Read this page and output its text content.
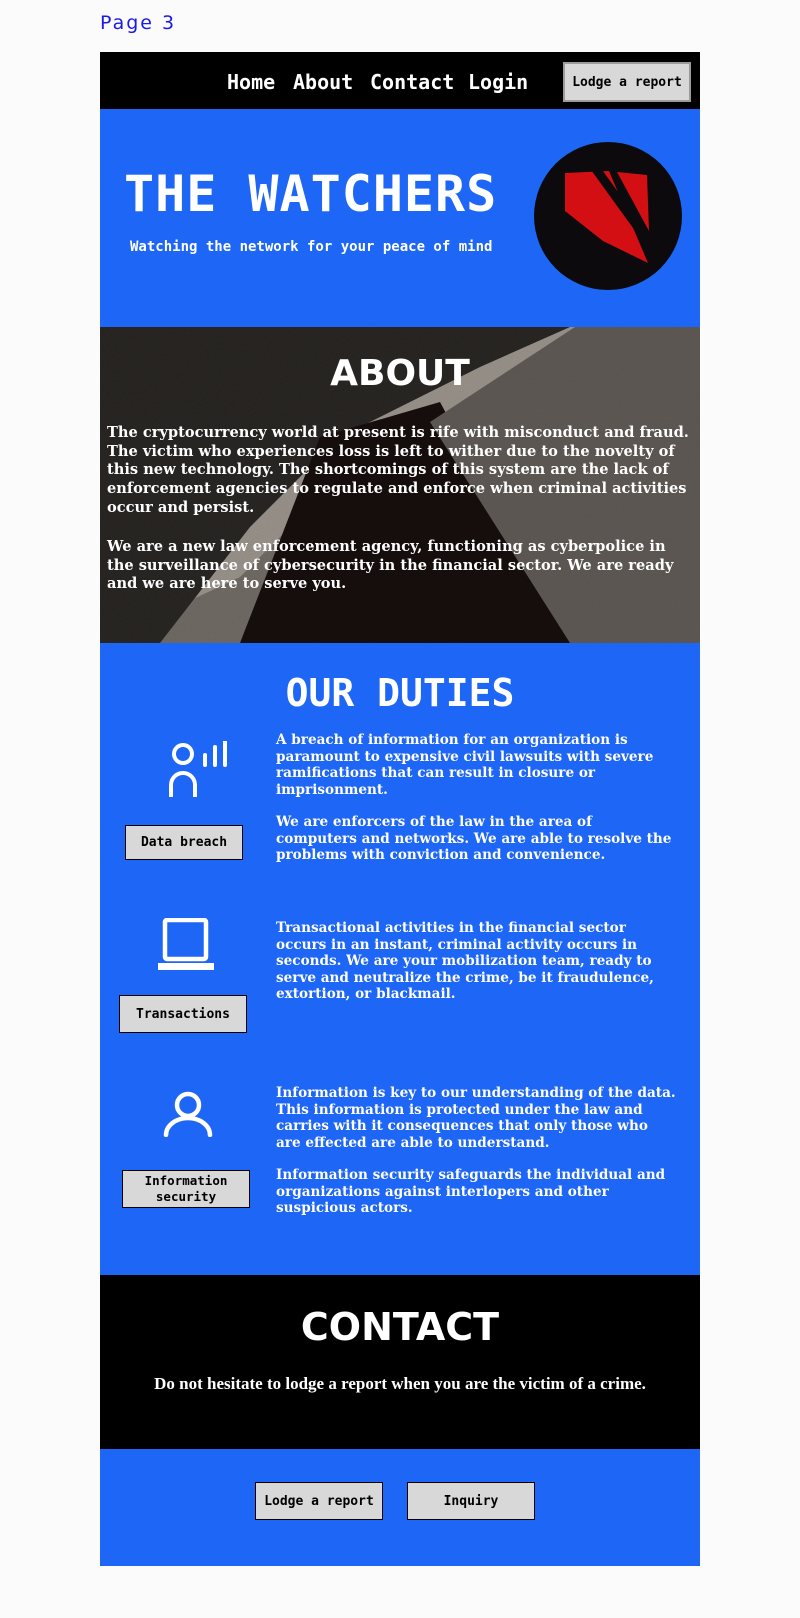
Page 3
Home About Contact Login	Lodge a report
THE WATCHERS
Watching the network for your peace of mind
ABOUT

The cryptocurrency world at present is rife with misconduct and fraud. The victim who experiences loss is left to wither due to the novelty of this new technology. The shortcomings of this system are the lack of enforcement agencies to regulate and enforce when criminal activities occur and persist.

We are a new law enforcement agency, functioning as cyberpolice in the surveillance of cybersecurity in the financial sector. We are ready and we are here to serve you.

OUR DUTIES
Data breach

A breach of information for an organization is paramount to expensive civil lawsuits with severe ramifications that can result in closure or imprisonment.

We are enforcers of the law in the area of computers and networks. We are able to resolve the problems with conviction and convenience.

Transactions

Transactional activities in the financial sector occurs in an instant, criminal activity occurs in seconds. We are your mobilization team, ready to serve and neutralize the crime, be it fraudulence, extortion, or blackmail.

Information security

Information is key to our understanding of the data. This information is protected under the law and carries with it consequences that only those who are effected are able to understand.

Information security safeguards the individual and organizations against interlopers and other suspicious actors.

CONTACT

Do not hesitate to lodge a report when you are the victim of a crime.

Lodge a report	Inquiry
